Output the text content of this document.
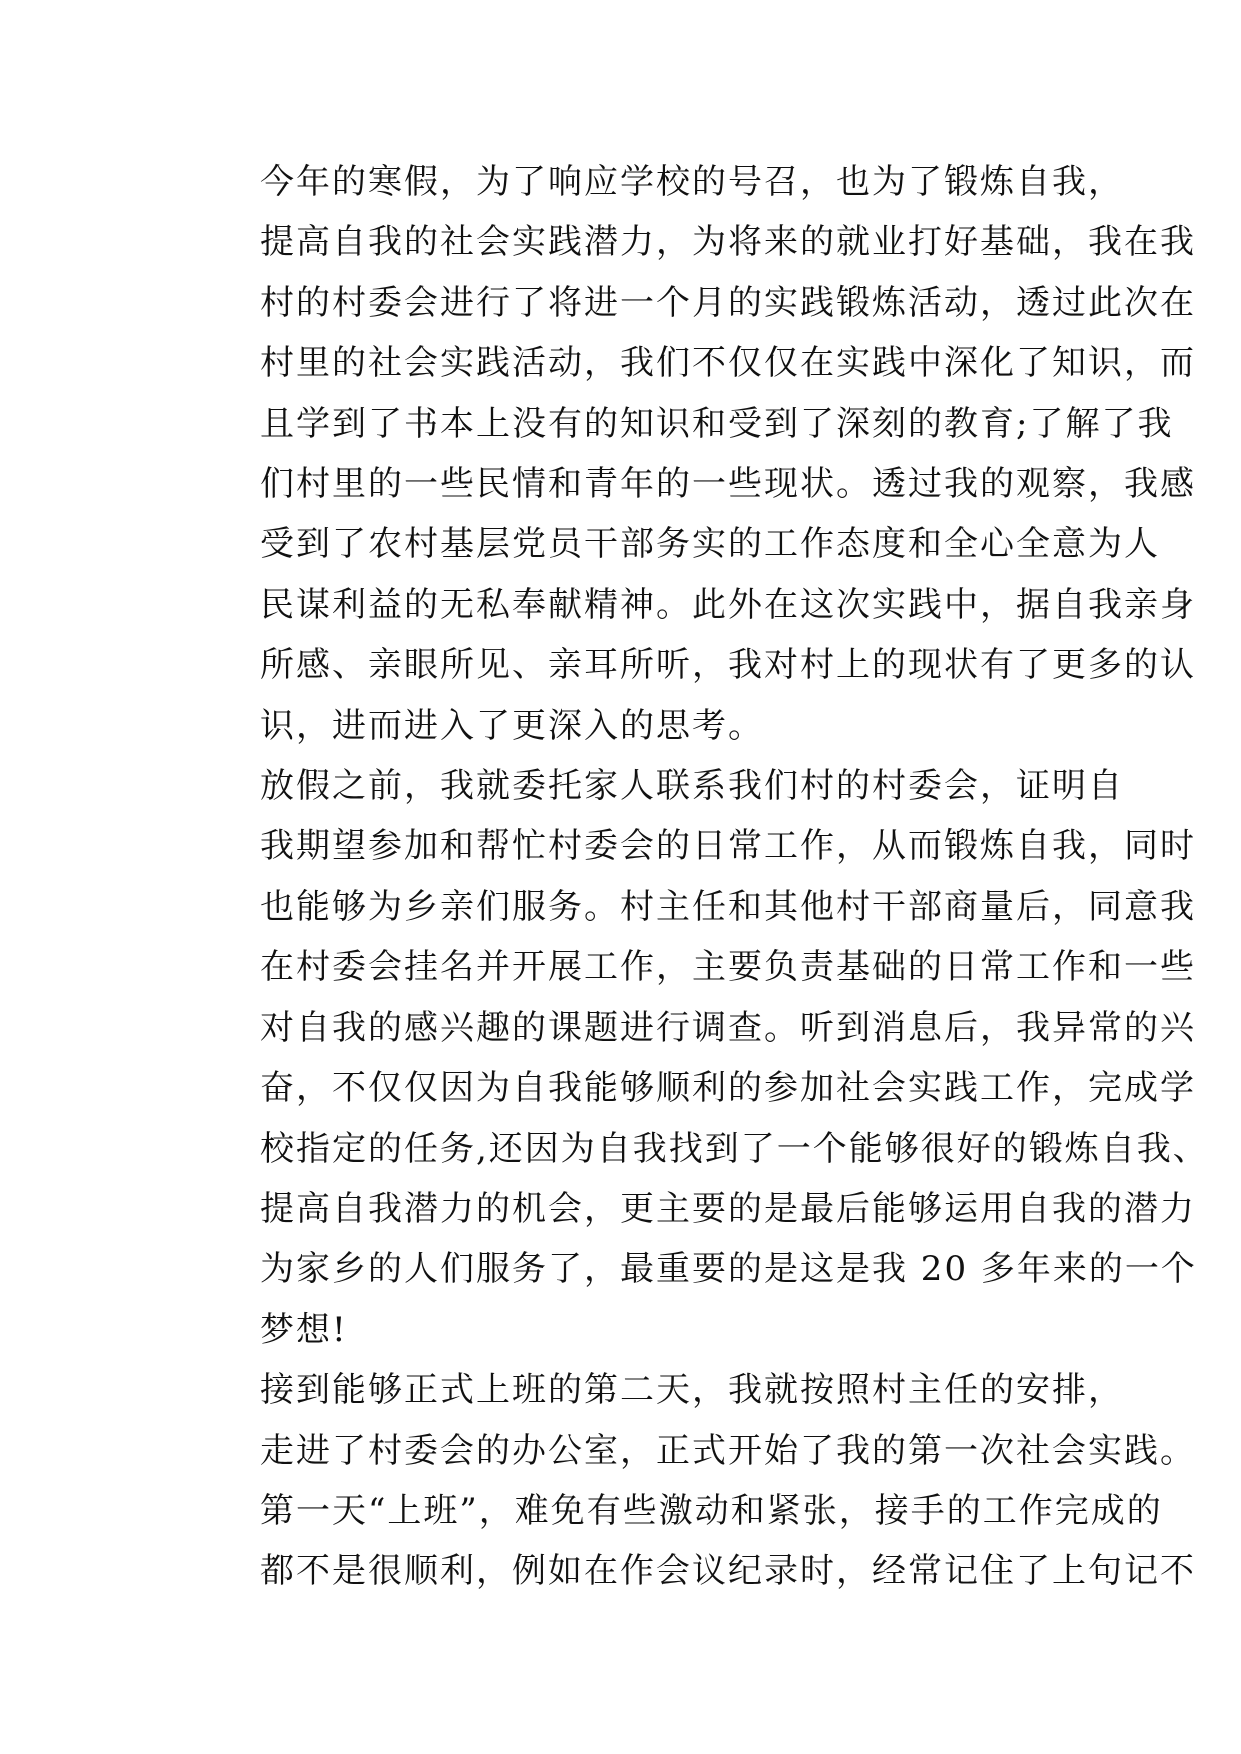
今年的寒假，为了响应学校的号召，也为了锻炼自我，
提高自我的社会实践潜力，为将来的就业打好基础，我在我
村的村委会进行了将进一个月的实践锻炼活动，透过此次在
村里的社会实践活动，我们不仅仅在实践中深化了知识，而
且学到了书本上没有的知识和受到了深刻的教育;了解了我
们村里的一些民情和青年的一些现状。透过我的观察，我感
受到了农村基层党员干部务实的工作态度和全心全意为人
民谋利益的无私奉献精神。此外在这次实践中，据自我亲身
所感、亲眼所见、亲耳所听，我对村上的现状有了更多的认
识，进而进入了更深入的思考。
放假之前，我就委托家人联系我们村的村委会，证明自
我期望参加和帮忙村委会的日常工作，从而锻炼自我，同时
也能够为乡亲们服务。村主任和其他村干部商量后，同意我
在村委会挂名并开展工作，主要负责基础的日常工作和一些
对自我的感兴趣的课题进行调查。听到消息后，我异常的兴
奋，不仅仅因为自我能够顺利的参加社会实践工作，完成学
校指定的任务,还因为自我找到了一个能够很好的锻炼自我、
提高自我潜力的机会，更主要的是最后能够运用自我的潜力
为家乡的人们服务了，最重要的是这是我 20 多年来的一个
梦想!
接到能够正式上班的第二天，我就按照村主任的安排，
走进了村委会的办公室，正式开始了我的第一次社会实践。
第一天“上班”，难免有些激动和紧张，接手的工作完成的
都不是很顺利，例如在作会议纪录时，经常记住了上句记不
